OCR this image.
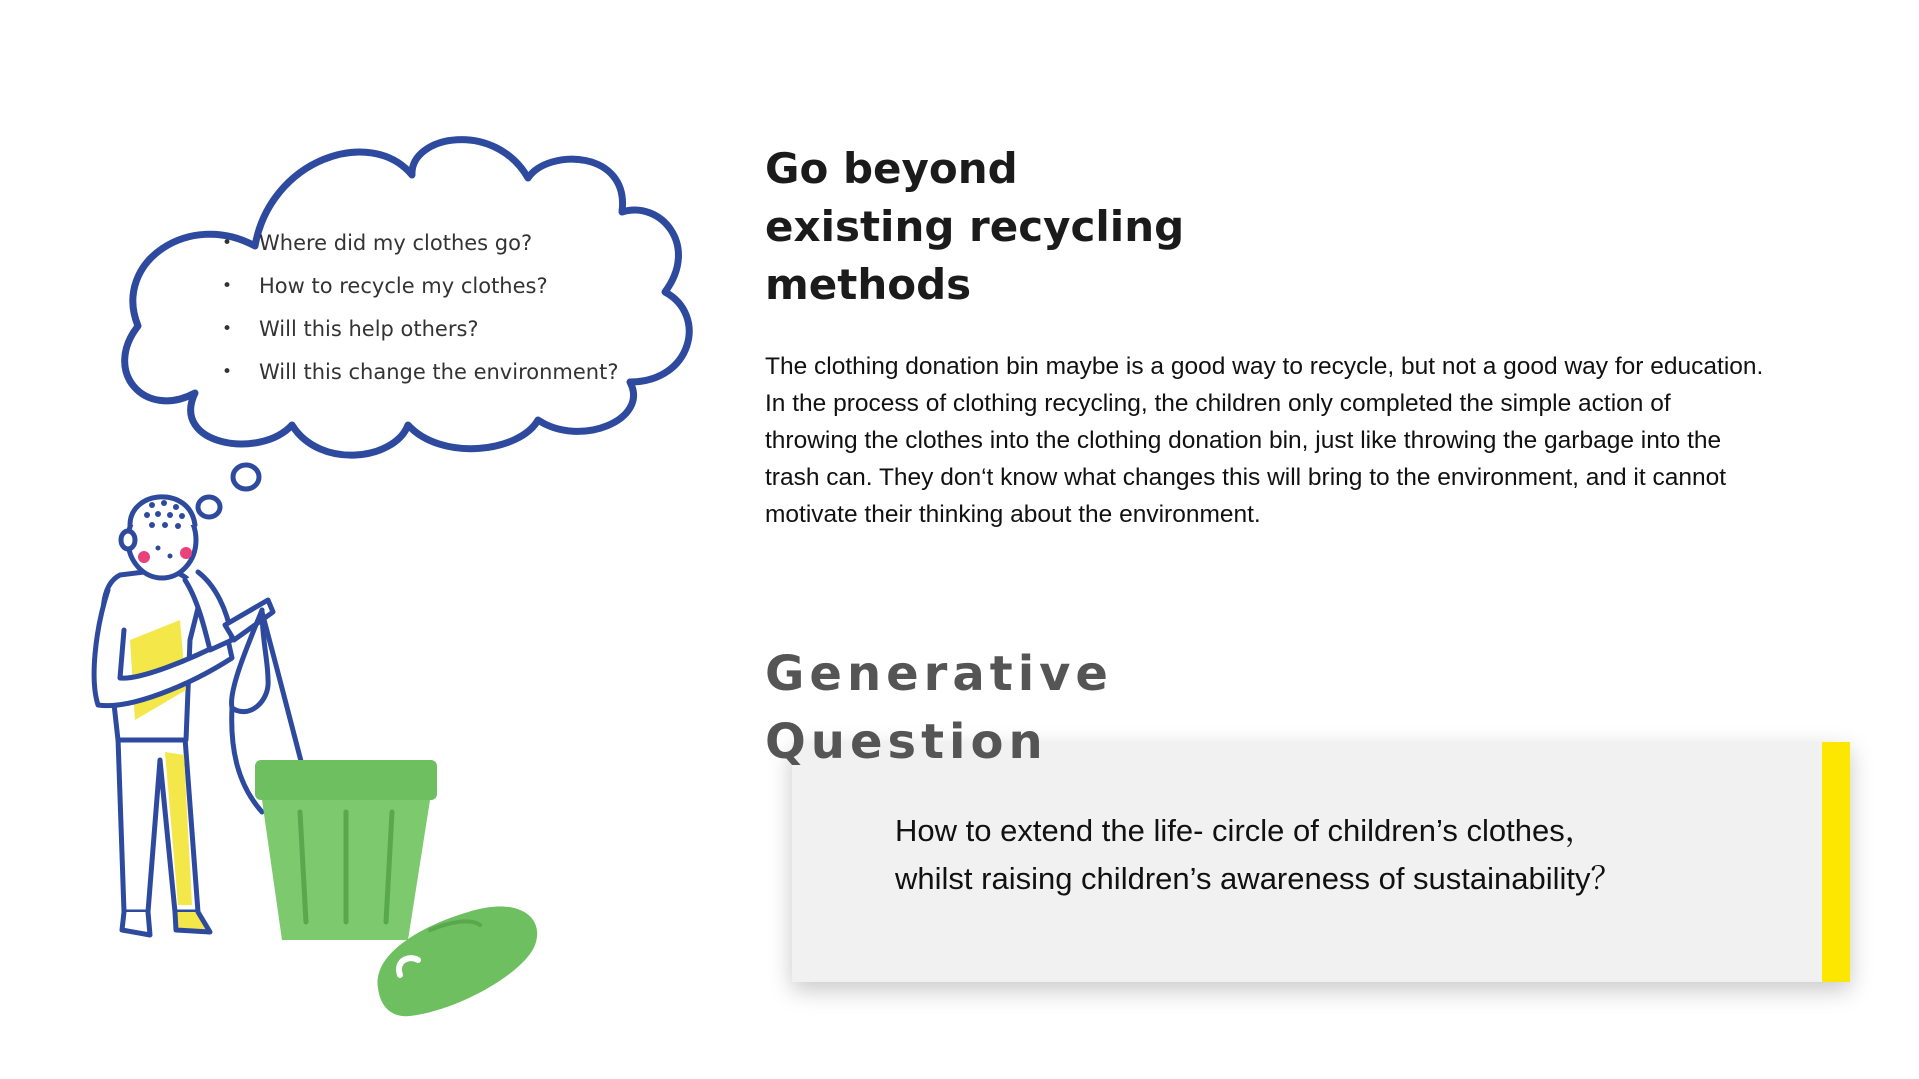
• Where did my clothes go?
• How to recycle my clothes?
• Will this help others?
• Will this change the environment?
Go beyond
existing recycling
methods

The clothing donation bin maybe is a good way to recycle, but not a good way for education. In the process of clothing recycling, the children only completed the simple action of throwing the clothes into the clothing donation bin, just like throwing the garbage into the trash can. They don‘t know what changes this will bring to the environment, and it cannot motivate their thinking about the environment.

Generative
Question

How to extend the life- circle of children’s clothes，
whilst raising children’s awareness of sustainability？
